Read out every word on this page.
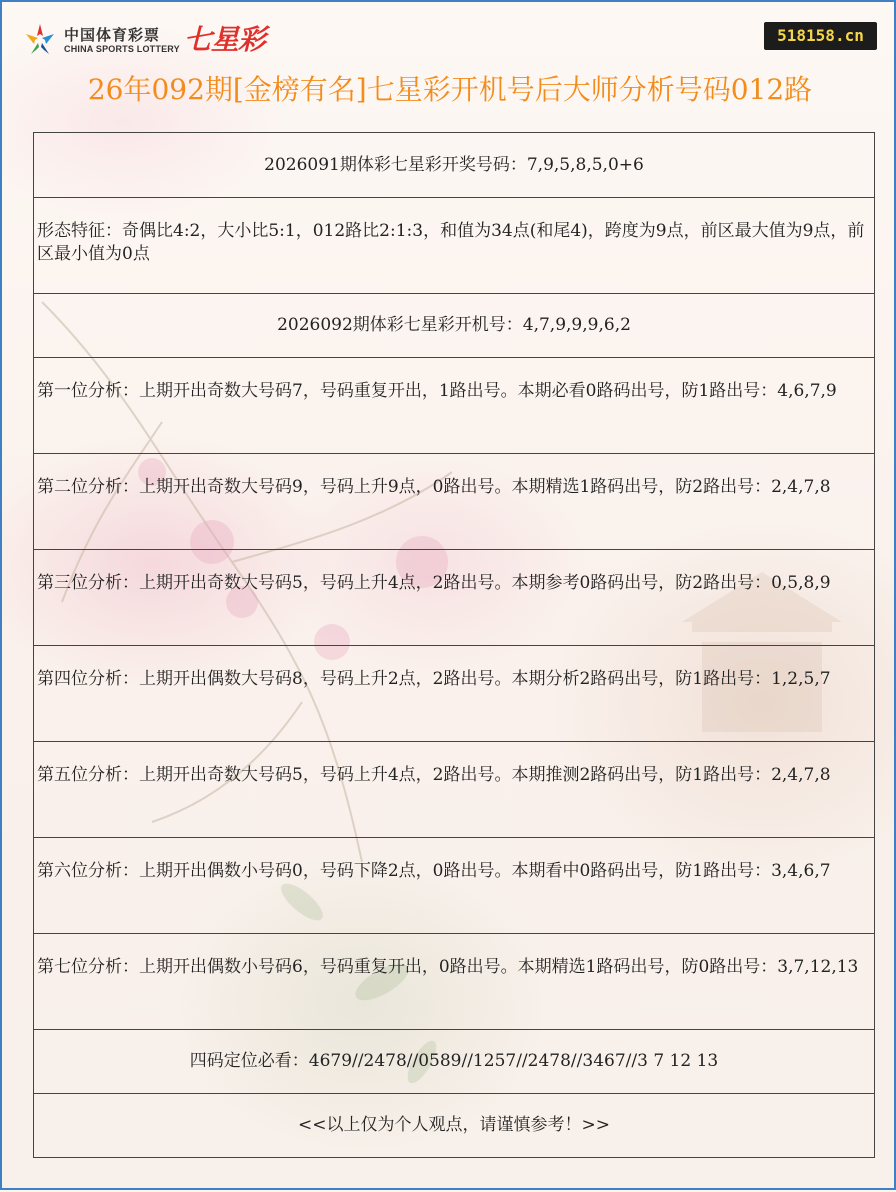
中国体育彩票
CHINA SPORTS LOTTERY 七星彩	518158.cn
26年092期[金榜有名]七星彩开机号后大师分析号码012路
2026091期体彩七星彩开奖号码：7,9,5,8,5,0+6
形态特征：奇偶比4:2，大小比5:1，012路比2:1:3，和值为34点(和尾4)，跨度为9点，前区最大值为9点，前区最小值为0点
2026092期体彩七星彩开机号：4,7,9,9,9,6,2
第一位分析：上期开出奇数大号码7，号码重复开出，1路出号。本期必看0路码出号，防1路出号：4,6,7,9
第二位分析：上期开出奇数大号码9，号码上升9点，0路出号。本期精选1路码出号，防2路出号：2,4,7,8
第三位分析：上期开出奇数大号码5，号码上升4点，2路出号。本期参考0路码出号，防2路出号：0,5,8,9
第四位分析：上期开出偶数大号码8，号码上升2点，2路出号。本期分析2路码出号，防1路出号：1,2,5,7
第五位分析：上期开出奇数大号码5，号码上升4点，2路出号。本期推测2路码出号，防1路出号：2,4,7,8
第六位分析：上期开出偶数小号码0，号码下降2点，0路出号。本期看中0路码出号，防1路出号：3,4,6,7
第七位分析：上期开出偶数小号码6，号码重复开出，0路出号。本期精选1路码出号，防0路出号：3,7,12,13
四码定位必看：4679//2478//0589//1257//2478//3467//3 7 12 13
<<以上仅为个人观点，请谨慎参考！>>
